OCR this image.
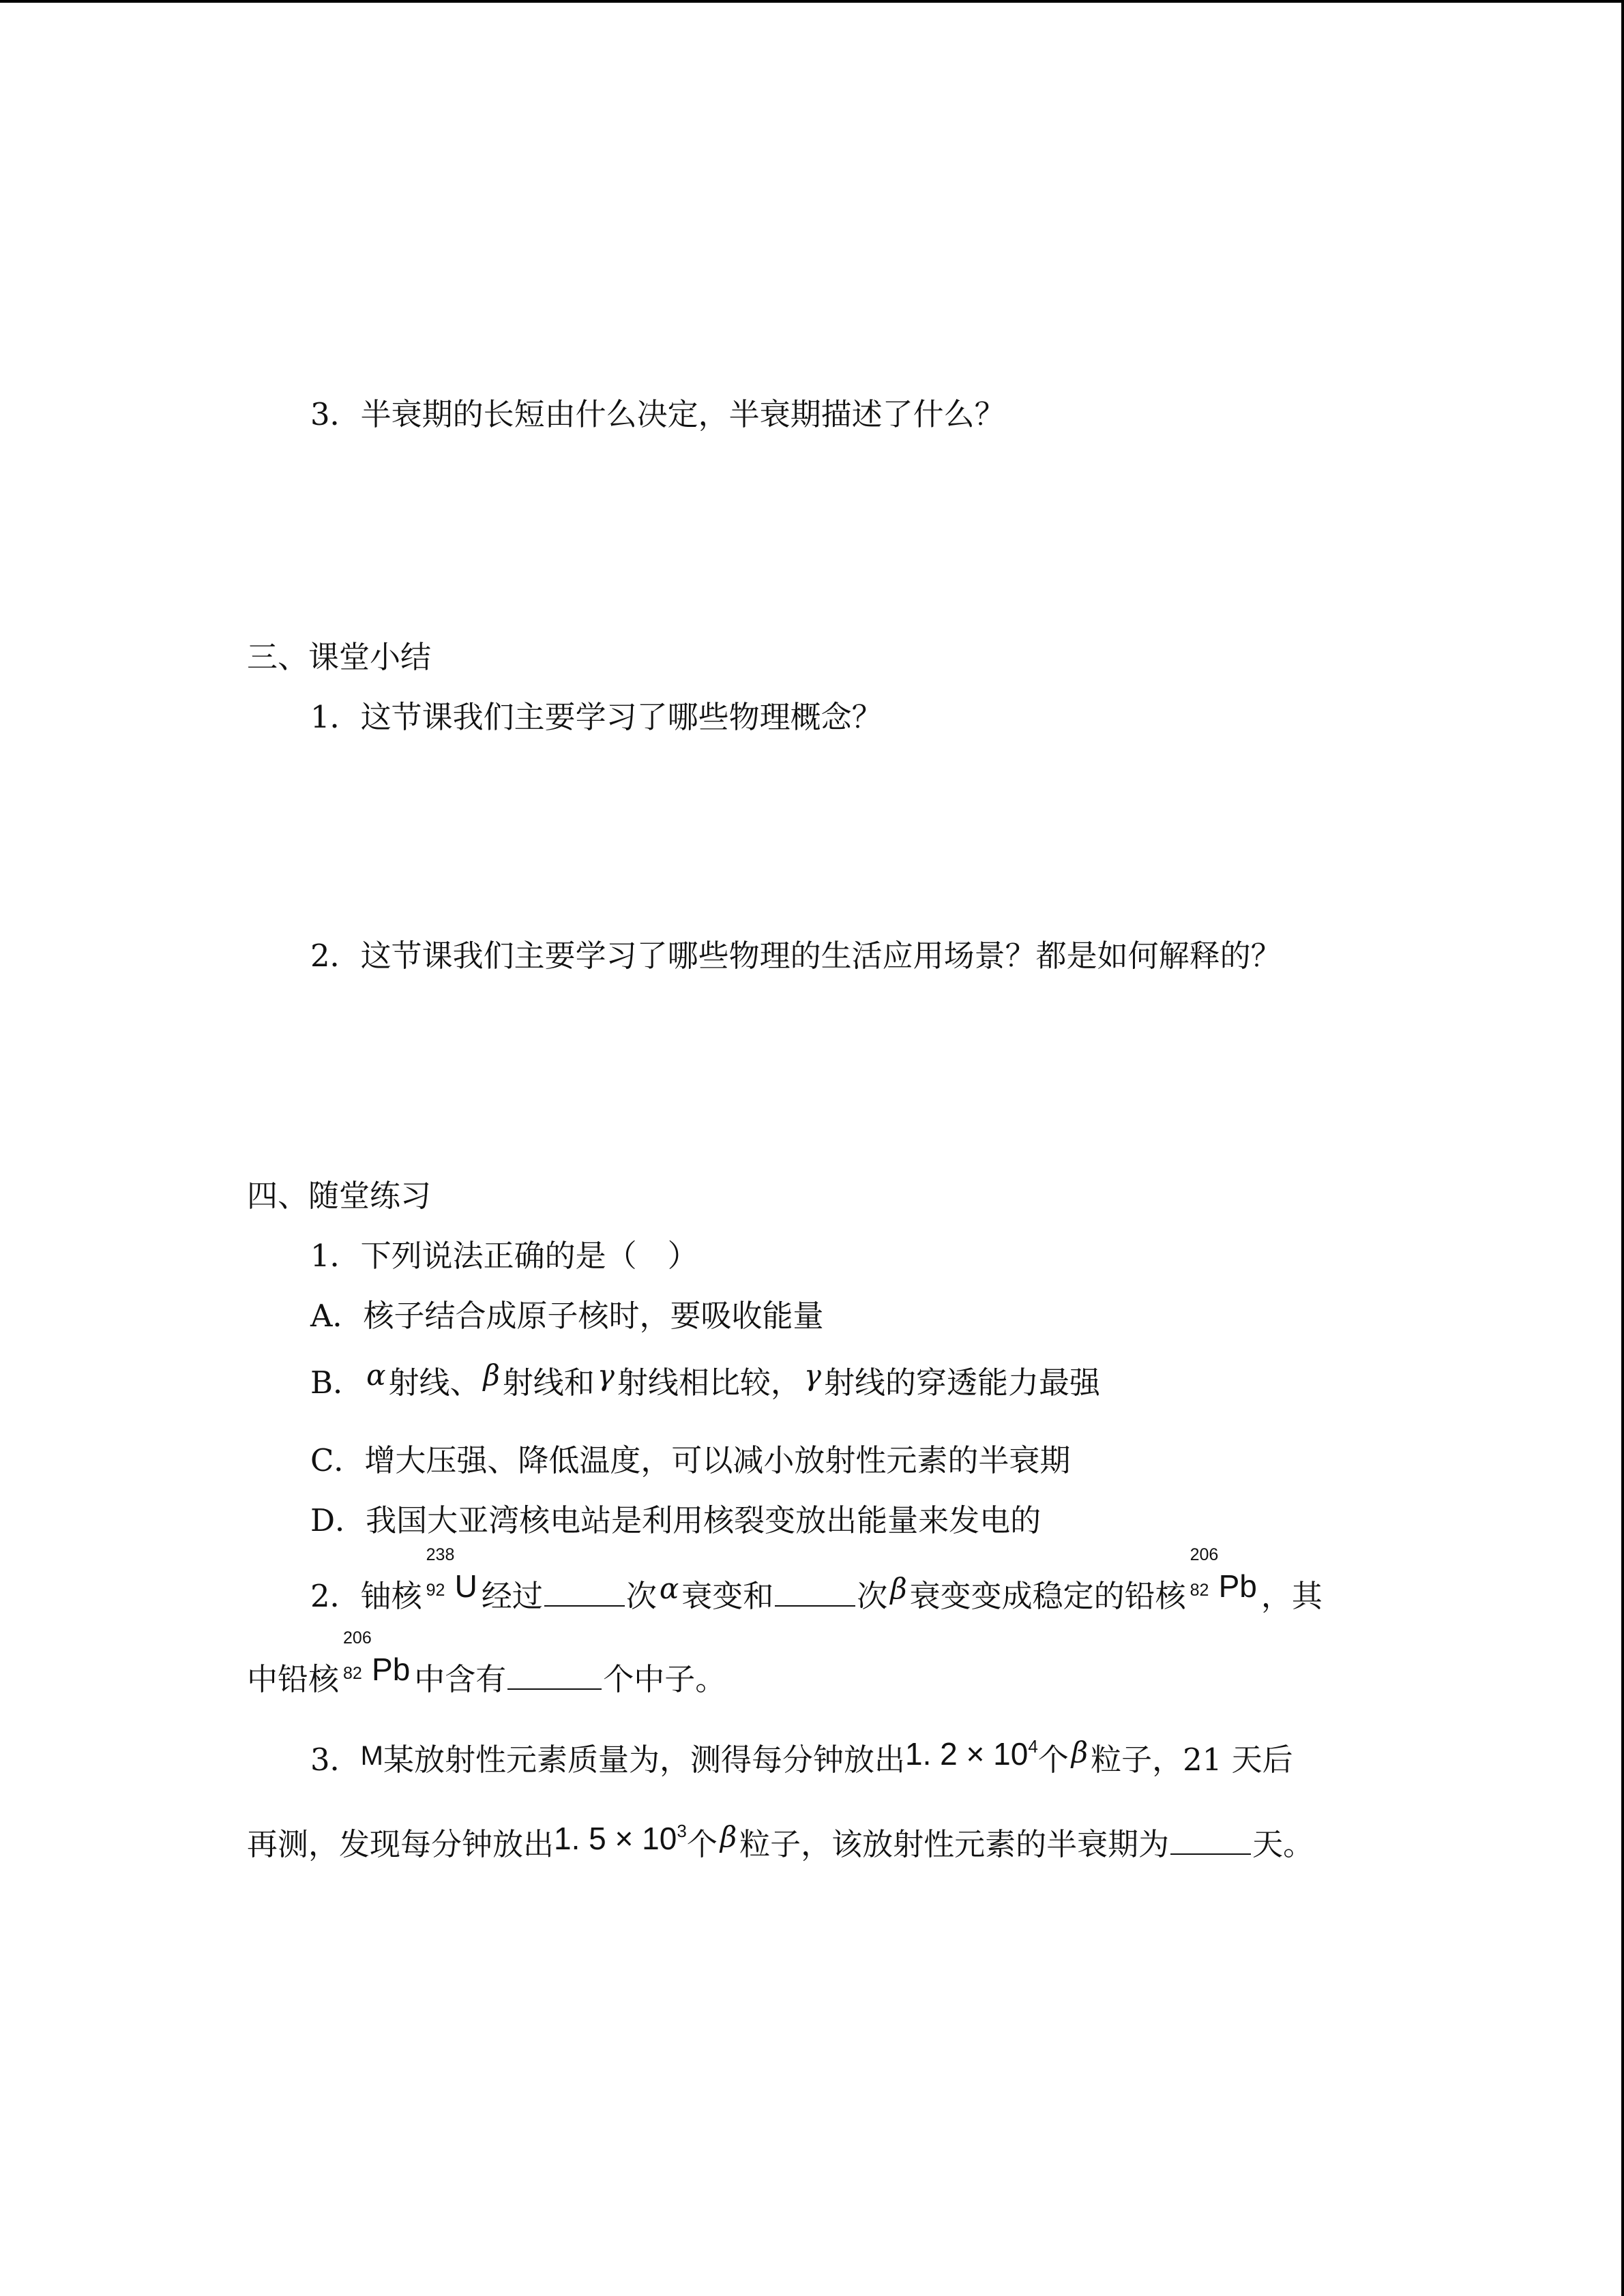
3．半衰期的长短由什么决定，半衰期描述了什么？
三、课堂小结
1．这节课我们主要学习了哪些物理概念？
2．这节课我们主要学习了哪些物理的生活应用场景？都是如何解释的？
四、随堂练习
1．下列说法正确的是（　）
A．核子结合成原子核时，要吸收能量
B．α射线、β射线和γ射线相比较，γ射线的穿透能力最强
C．增大压强、降低温度，可以减小放射性元素的半衰期
D．我国大亚湾核电站是利用核裂变放出能量来发电的
2．铀核
238
92 U 经过	次α衰变和	次β衰变变成稳定的铅核
206
82 Pb ，其
中铅核
206
82 Pb 中含有	个中子。
3．M某放射性元素质量为，测得每分钟放出1. $2 \times 10^4$个β粒子，21 天后
再测，发现每分钟放出1. $5 \times 10^3$个β粒子，该放射性元素的半衰期为	天。
